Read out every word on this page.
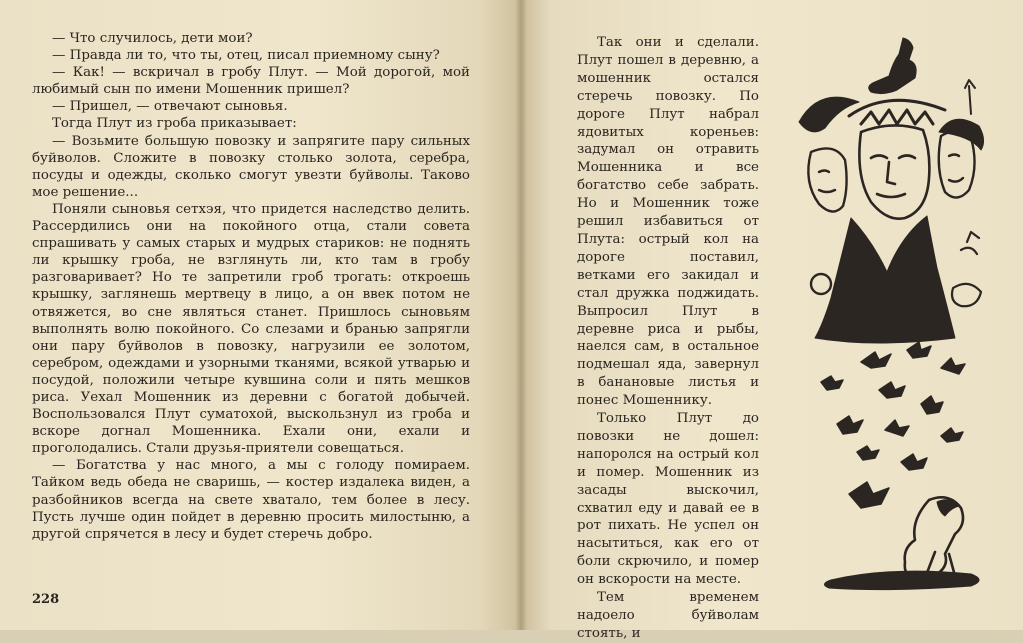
— Что случилось, дети мои?

— Правда ли то, что ты, отец, писал приемному сыну?

— Как! — вскричал в гробу Плут. — Мой дорогой, мой любимый сын по имени Мошенник пришел?

— Пришел, — отвечают сыновья.

Тогда Плут из гроба приказывает:

— Возьмите большую повозку и запрягите пару сильных буйволов. Сложите в повозку столько золота, серебра, посуды и одежды, сколько смогут увезти буйволы. Таково мое решение...

Поняли сыновья сетхэя, что придется наследство делить. Рассердились они на покойного отца, стали совета спрашивать у самых старых и мудрых стариков: не поднять ли крышку гроба, не взглянуть ли, кто там в гробу разговаривает? Но те запретили гроб трогать: откроешь крышку, заглянешь мертвецу в лицо, а он ввек потом не отвяжется, во сне являться станет. Пришлось сыновьям выполнять волю покойного. Со слезами и бранью запрягли они пару буйволов в повозку, нагрузили ее золотом, серебром, одеждами и узорными тканями, всякой утварью и посудой, положили четыре кувшина соли и пять мешков риса. Уехал Мошенник из деревни с богатой добычей. Воспользовался Плут суматохой, выскользнул из гроба и вскоре догнал Мошенника. Ехали они, ехали и проголодались. Стали друзья-приятели совещаться.

— Богатства у нас много, а мы с голоду помираем. Тайком ведь обеда не сваришь, — костер издалека виден, а разбойников всегда на свете хватало, тем более в лесу. Пусть лучше один пойдет в деревню просить милостыню, а другой спрячется в лесу и будет стеречь добро.

228

Так они и сделали. Плут пошел в деревню, а мошенник остался стеречь повозку. По дороге Плут набрал ядовитых кореньев: задумал он отравить Мошенника и все богатство себе забрать. Но и Мошенник тоже решил избавиться от Плута: острый кол на дороге поставил, ветками его закидал и стал дружка поджидать. Выпросил Плут в деревне риса и рыбы, наелся сам, в остальное подмешал яда, завернул в банановые листья и понес Мошеннику.

Только Плут до повозки не дошел: напоролся на острый кол и помер. Мошенник из засады выскочил, схватил еду и давай ее в рот пихать. Не успел он насытиться, как его от боли скрючило, и помер он вскорости на месте.

Тем временем надоело буйволам стоять, и
